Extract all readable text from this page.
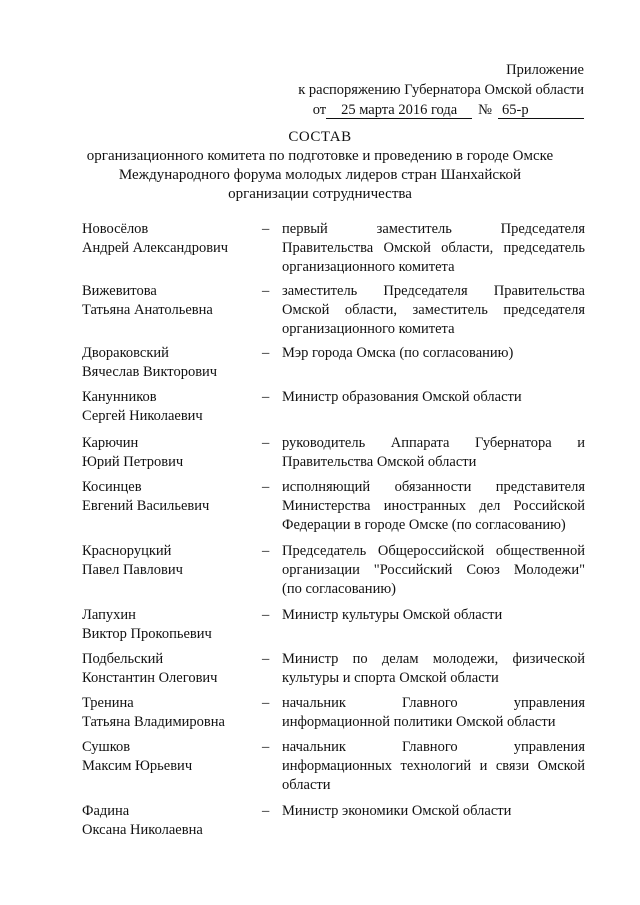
Приложение
к распоряжению Губернатора Омской области
от 25 марта 2016 года № 65-р
СОСТАВ
организационного комитета по подготовке и проведению в городе Омске
Международного форума молодых лидеров стран Шанхайской
организации сотрудничества
Новосёлов
Андрей Александрович
– первый заместитель Председателя
Правительства Омской области, председатель
организационного комитета
Вижевитова
Татьяна Анатольевна
– заместитель Председателя Правительства
Омской области, заместитель председателя
организационного комитета
Двораковский
Вячеслав Викторович
– Мэр города Омска (по согласованию)
Канунников
Сергей Николаевич
– Министр образования Омской области
Карючин
Юрий Петрович
– руководитель Аппарата Губернатора и
Правительства Омской области
Косинцев
Евгений Васильевич
– исполняющий обязанности представителя
Министерства иностранных дел Российской
Федерации в городе Омске (по согласованию)
Красноруцкий
Павел Павлович
– Председатель Общероссийской общественной
организации "Российский Союз Молодежи"
(по согласованию)
Лапухин
Виктор Прокопьевич
– Министр культуры Омской области
Подбельский
Константин Олегович
– Министр по делам молодежи, физической
культуры и спорта Омской области
Тренина
Татьяна Владимировна
– начальник Главного управления
информационной политики Омской области
Сушков
Максим Юрьевич
– начальник Главного управления
информационных технологий и связи Омской
области
Фадина
Оксана Николаевна
– Министр экономики Омской области
